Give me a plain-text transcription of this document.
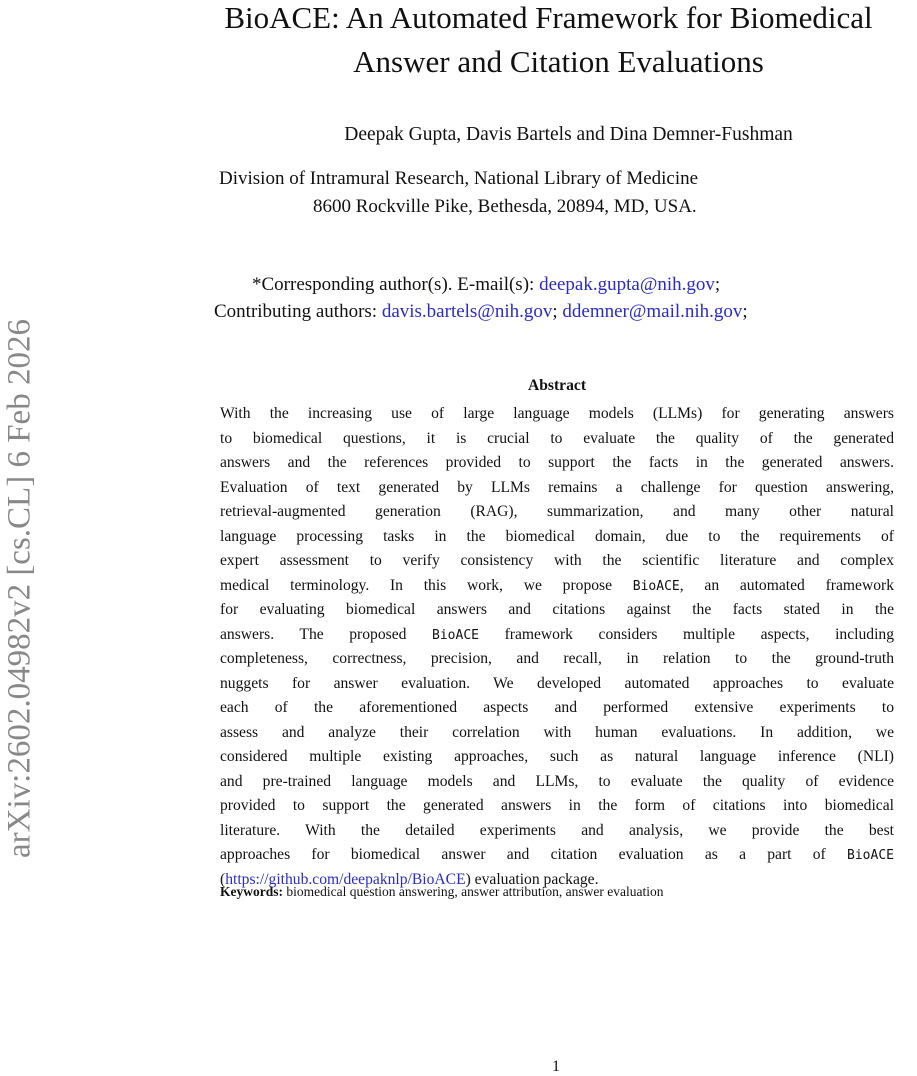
arXiv:2602.04982v2 [cs.CL] 6 Feb 2026
BioACE: An Automated Framework for Biomedical
Answer and Citation Evaluations
Deepak Gupta, Davis Bartels and Dina Demner-Fushman
Division of Intramural Research, National Library of Medicine
8600 Rockville Pike, Bethesda, 20894, MD, USA.
*Corresponding author(s). E-mail(s): deepak.gupta@nih.gov;
Contributing authors: davis.bartels@nih.gov; ddemner@mail.nih.gov;
Abstract
With the increasing use of large language models (LLMs) for generating answers
to biomedical questions, it is crucial to evaluate the quality of the generated
answers and the references provided to support the facts in the generated answers.
Evaluation of text generated by LLMs remains a challenge for question answering,
retrieval-augmented generation (RAG), summarization, and many other natural
language processing tasks in the biomedical domain, due to the requirements of
expert assessment to verify consistency with the scientific literature and complex
medical terminology. In this work, we propose BioACE, an automated framework
for evaluating biomedical answers and citations against the facts stated in the
answers. The proposed BioACE framework considers multiple aspects, including
completeness, correctness, precision, and recall, in relation to the ground-truth
nuggets for answer evaluation. We developed automated approaches to evaluate
each of the aforementioned aspects and performed extensive experiments to
assess and analyze their correlation with human evaluations. In addition, we
considered multiple existing approaches, such as natural language inference (NLI)
and pre-trained language models and LLMs, to evaluate the quality of evidence
provided to support the generated answers in the form of citations into biomedical
literature. With the detailed experiments and analysis, we provide the best
approaches for biomedical answer and citation evaluation as a part of BioACE
(https://github.com/deepaknlp/BioACE) evaluation package.
Keywords: biomedical question answering, answer attribution, answer evaluation
1
